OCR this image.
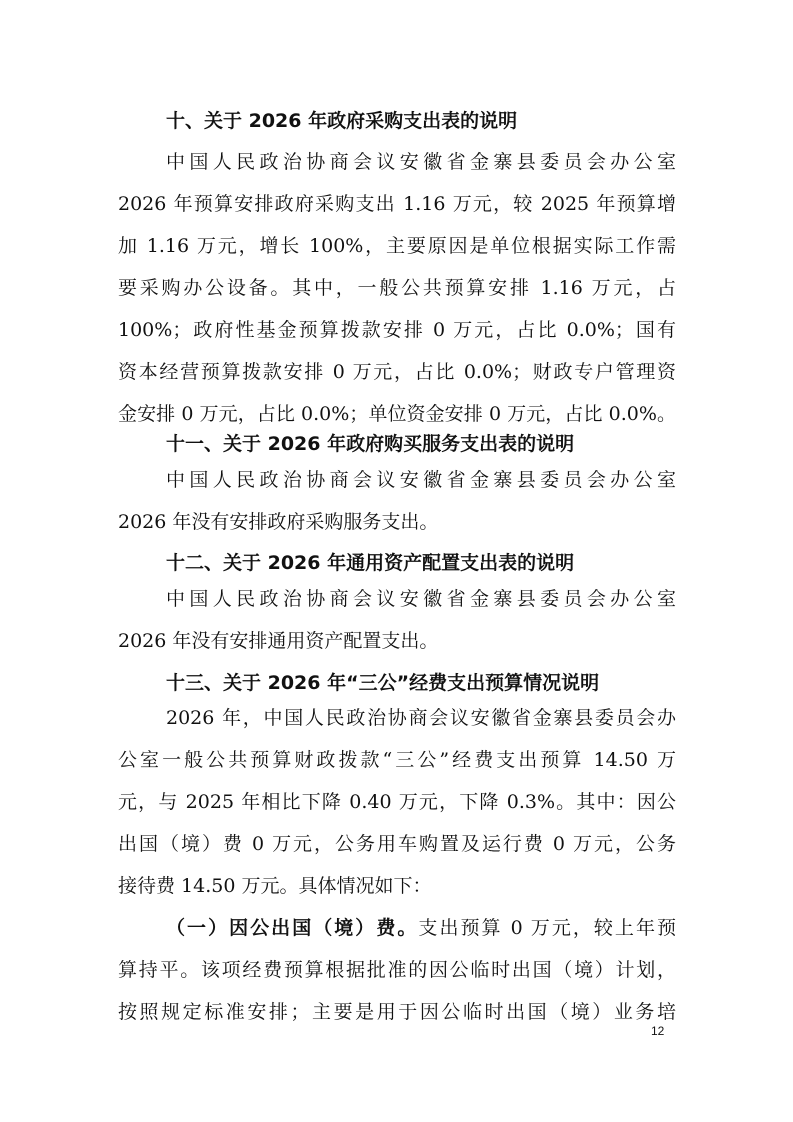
十、关于 2026 年政府采购支出表的说明
中国人民政治协商会议安徽省金寨县委员会办公室
2026 年预算安排政府采购支出 1.16 万元，较 2025 年预算增
加 1.16 万元，增长 100%，主要原因是单位根据实际工作需
要采购办公设备。其中，一般公共预算安排 1.16 万元，占
100%；政府性基金预算拨款安排 0 万元，占比 0.0%；国有
资本经营预算拨款安排 0 万元，占比 0.0%；财政专户管理资
金安排 0 万元，占比 0.0%；单位资金安排 0 万元，占比 0.0%。
十一、关于 2026 年政府购买服务支出表的说明
中国人民政治协商会议安徽省金寨县委员会办公室
2026 年没有安排政府采购服务支出。
十二、关于 2026 年通用资产配置支出表的说明
中国人民政治协商会议安徽省金寨县委员会办公室
2026 年没有安排通用资产配置支出。
十三、关于 2026 年“三公”经费支出预算情况说明
2026 年，中国人民政治协商会议安徽省金寨县委员会办
公室一般公共预算财政拨款“三公”经费支出预算 14.50 万
元，与 2025 年相比下降 0.40 万元，下降 0.3%。其中：因公
出国（境）费 0 万元，公务用车购置及运行费 0 万元，公务
接待费 14.50 万元。具体情况如下：
（一）因公出国（境）费。支出预算 0 万元，较上年预
算持平。该项经费预算根据批准的因公临时出国（境）计划，
按照规定标准安排；主要是用于因公临时出国（境）业务培
12
